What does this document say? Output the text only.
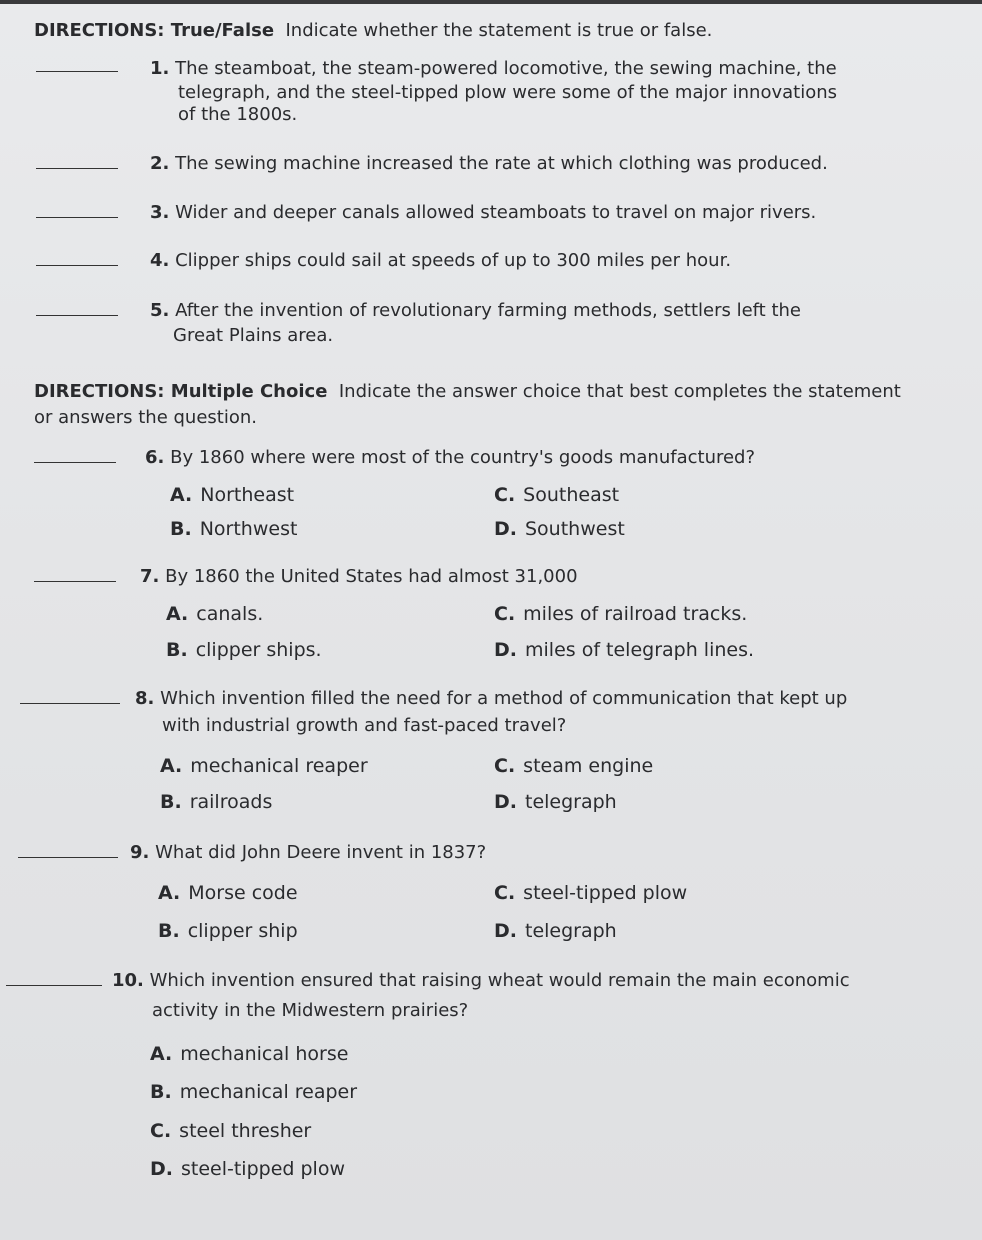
DIRECTIONS: True/False Indicate whether the statement is true or false.
1. The steamboat, the steam-powered locomotive, the sewing machine, the
telegraph, and the steel-tipped plow were some of the major innovations
of the 1800s.
2. The sewing machine increased the rate at which clothing was produced.
3. Wider and deeper canals allowed steamboats to travel on major rivers.
4. Clipper ships could sail at speeds of up to 300 miles per hour.
5. After the invention of revolutionary farming methods, settlers left the
Great Plains area.
DIRECTIONS: Multiple Choice Indicate the answer choice that best completes the statement
or answers the question.
6. By 1860 where were most of the country's goods manufactured?
A. Northeast
B. Northwest
C. Southeast
D. Southwest
7. By 1860 the United States had almost 31,000
A. canals.
B. clipper ships.
C. miles of railroad tracks.
D. miles of telegraph lines.
8. Which invention filled the need for a method of communication that kept up
with industrial growth and fast-paced travel?
A. mechanical reaper
B. railroads
C. steam engine
D. telegraph
9. What did John Deere invent in 1837?
A. Morse code
B. clipper ship
C. steel-tipped plow
D. telegraph
10. Which invention ensured that raising wheat would remain the main economic
activity in the Midwestern prairies?
A. mechanical horse
B. mechanical reaper
C. steel thresher
D. steel-tipped plow
